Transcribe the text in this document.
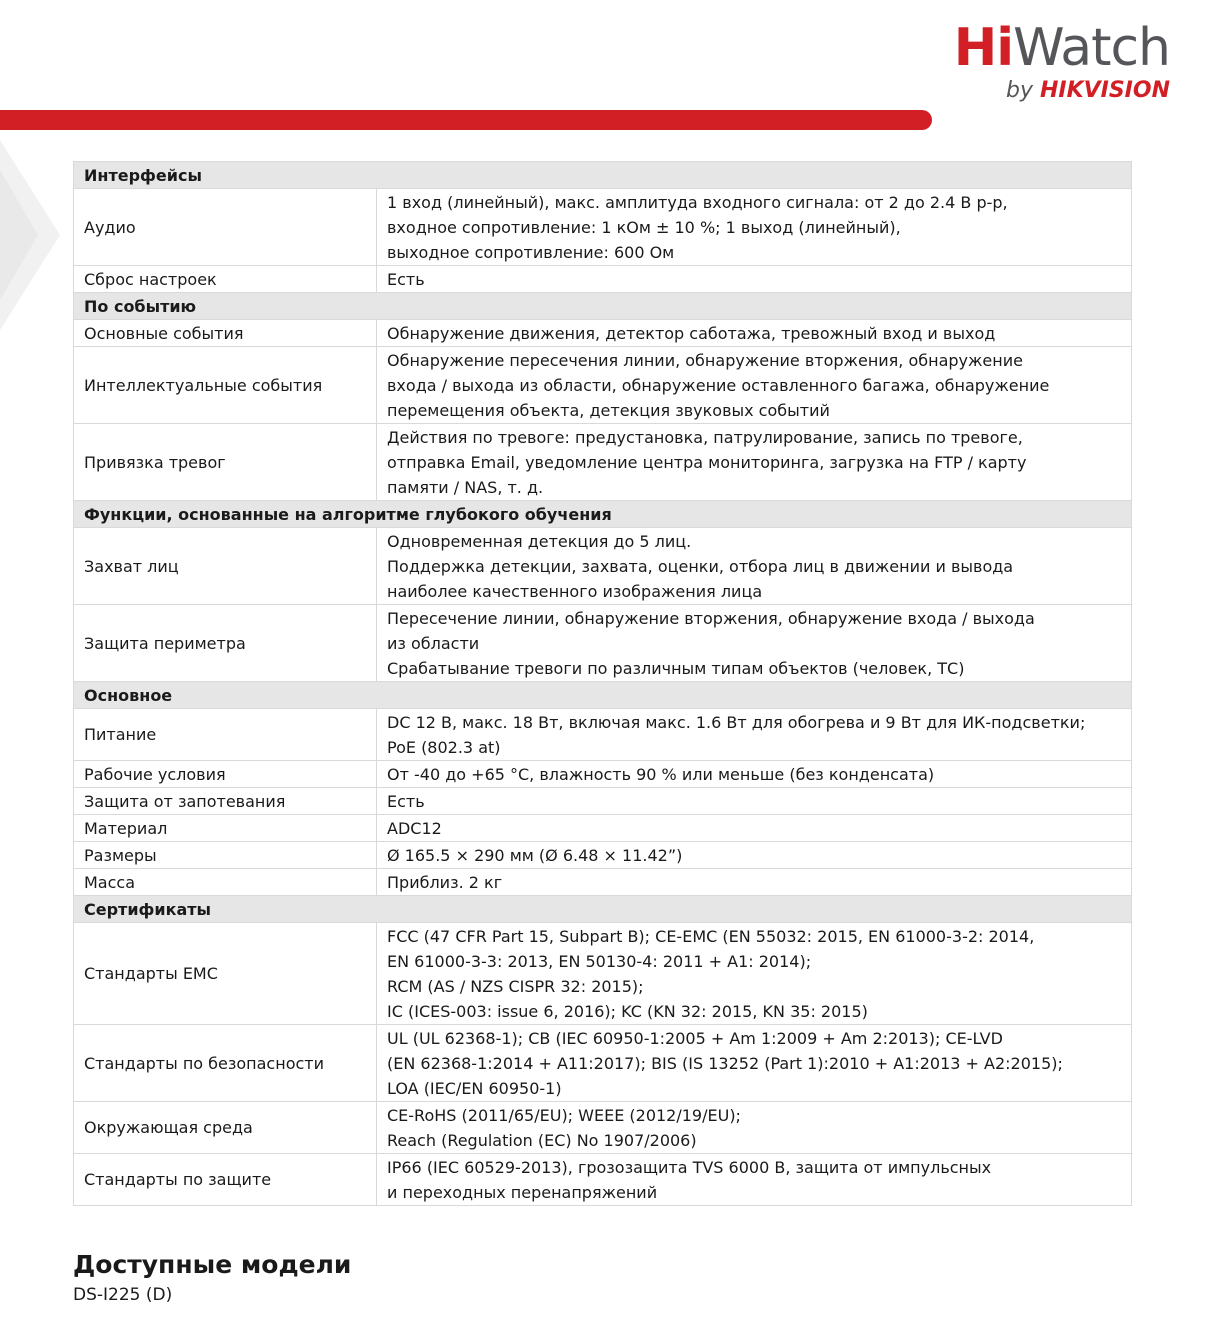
HiWatch
by HIKVISION
Интерфейсы	
Аудио	1 вход (линейный), макс. амплитуда входного сигнала: от 2 до 2.4 В p-p,
входное сопротивление: 1 кОм ± 10 %; 1 выход (линейный),
выходное сопротивление: 600 Ом
Сброс настроек	Есть
По событию	
Основные события	Обнаружение движения, детектор саботажа, тревожный вход и выход
Интеллектуальные события	Обнаружение пересечения линии, обнаружение вторжения, обнаружение
входа / выхода из области, обнаружение оставленного багажа, обнаружение
перемещения объекта, детекция звуковых событий
Привязка тревог	Действия по тревоге: предустановка, патрулирование, запись по тревоге,
отправка Email, уведомление центра мониторинга, загрузка на FTP / карту
памяти / NAS, т. д.
Функции, основанные на алгоритме глубокого обучения	
Захват лиц	Одновременная детекция до 5 лиц.
Поддержка детекции, захвата, оценки, отбора лиц в движении и вывода
наиболее качественного изображения лица
Защита периметра	Пересечение линии, обнаружение вторжения, обнаружение входа / выхода
из области
Срабатывание тревоги по различным типам объектов (человек, ТС)
Основное	
Питание	DC 12 В, макс. 18 Вт, включая макс. 1.6 Вт для обогрева и 9 Вт для ИК-подсветки;
PoE (802.3 at)
Рабочие условия	От -40 до +65 °C, влажность 90 % или меньше (без конденсата)
Защита от запотевания	Есть
Материал	ADC12
Размеры	Ø 165.5 × 290 мм (Ø 6.48 × 11.42”)
Масса	Приблиз. 2 кг
Сертификаты	
Стандарты EMC	FCC (47 CFR Part 15, Subpart B); CE-EMC (EN 55032: 2015, EN 61000-3-2: 2014,
EN 61000-3-3: 2013, EN 50130-4: 2011 + A1: 2014);
RCM (AS / NZS CISPR 32: 2015);
IC (ICES-003: issue 6, 2016); KC (KN 32: 2015, KN 35: 2015)
Стандарты по безопасности	UL (UL 62368-1); CB (IEC 60950-1:2005 + Am 1:2009 + Am 2:2013); CE-LVD
(EN 62368-1:2014 + A11:2017); BIS (IS 13252 (Part 1):2010 + A1:2013 + A2:2015);
LOA (IEC/EN 60950-1)
Окружающая среда	CE-RoHS (2011/65/EU); WEEE (2012/19/EU);
Reach (Regulation (EC) No 1907/2006)
Стандарты по защите	IP66 (IEC 60529-2013), грозозащита TVS 6000 В, защита от импульсных
и переходных перенапряжений
Доступные модели

DS-I225 (D)
